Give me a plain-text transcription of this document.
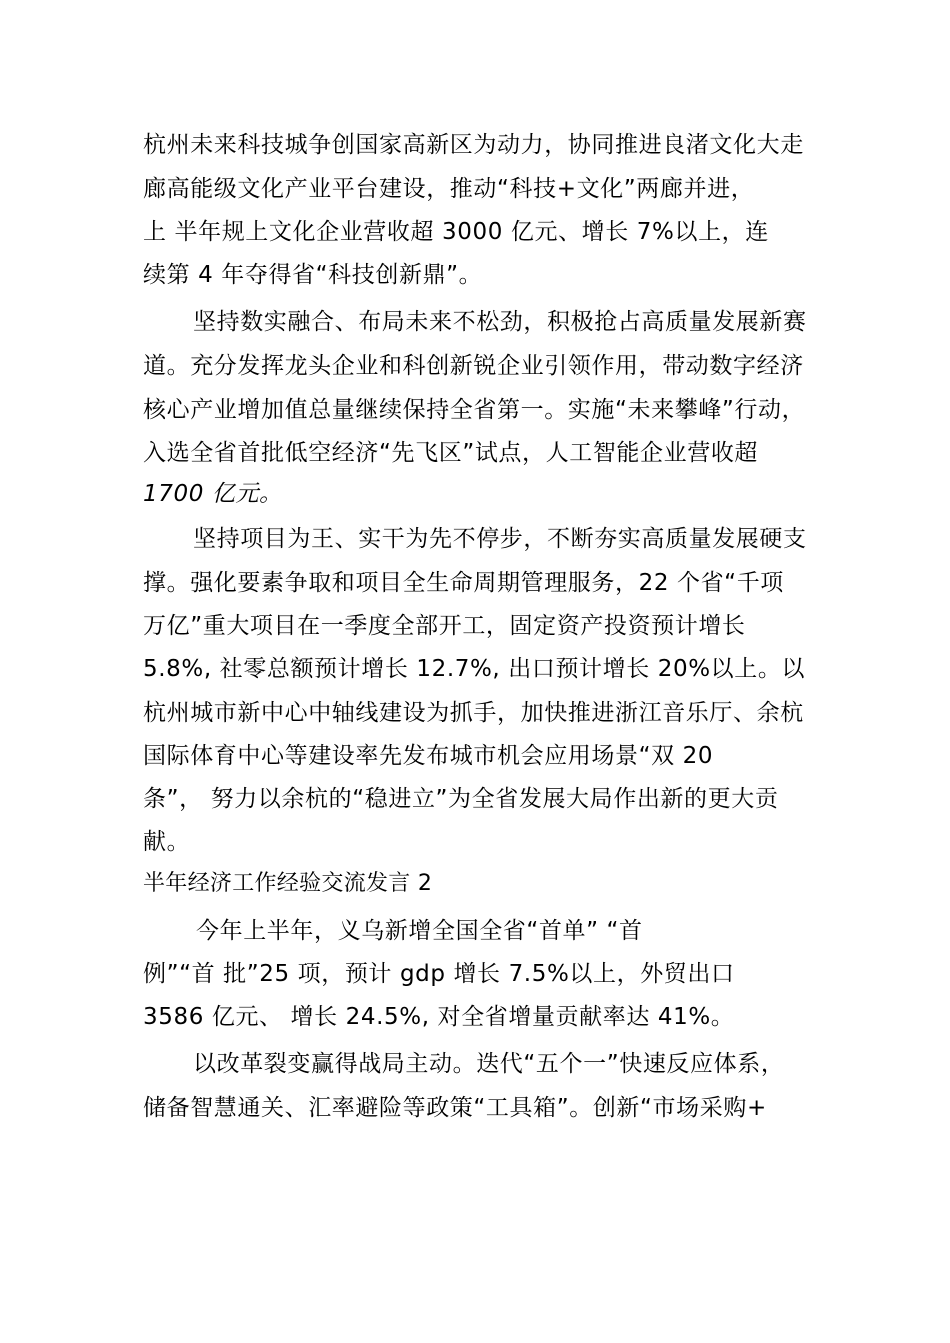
杭州未来科技城争创国家高新区为动力，协同推进良渚文化大走
廊高能级文化产业平台建设，推动“科技+文化”两廊并进，
上 半年规上文化企业营收超 3000 亿元、增长 7%以上，连
续第 4 年夺得省“科技创新鼎”。
坚持数实融合、布局未来不松劲，积极抢占高质量发展新赛
道。充分发挥龙头企业和科创新锐企业引领作用，带动数字经济
核心产业增加值总量继续保持全省第一。实施“未来攀峰”行动，
入选全省首批低空经济“先飞区”试点，人工智能企业营收超
1700 亿元。
坚持项目为王、实干为先不停步，不断夯实高质量发展硬支
撑。强化要素争取和项目全生命周期管理服务，22 个省“千项
万亿”重大项目在一季度全部开工，固定资产投资预计增长
5.8%, 社零总额预计增长 12.7%, 出口预计增长 20%以上。以
杭州城市新中心中轴线建设为抓手，加快推进浙江音乐厅、余杭
国际体育中心等建设率先发布城市机会应用场景“双 20
条”， 努力以余杭的“稳进立”为全省发展大局作出新的更大贡
献。
半年经济工作经验交流发言 2
今年上半年，义乌新增全国全省“首单” “首
例”“首 批”25 项，预计 gdp 增长 7.5%以上，外贸出口
3586 亿元、 增长 24.5%, 对全省增量贡献率达 41%。
以改革裂变赢得战局主动。迭代“五个一”快速反应体系，
储备智慧通关、汇率避险等政策“工具箱”。创新“市场采购+
